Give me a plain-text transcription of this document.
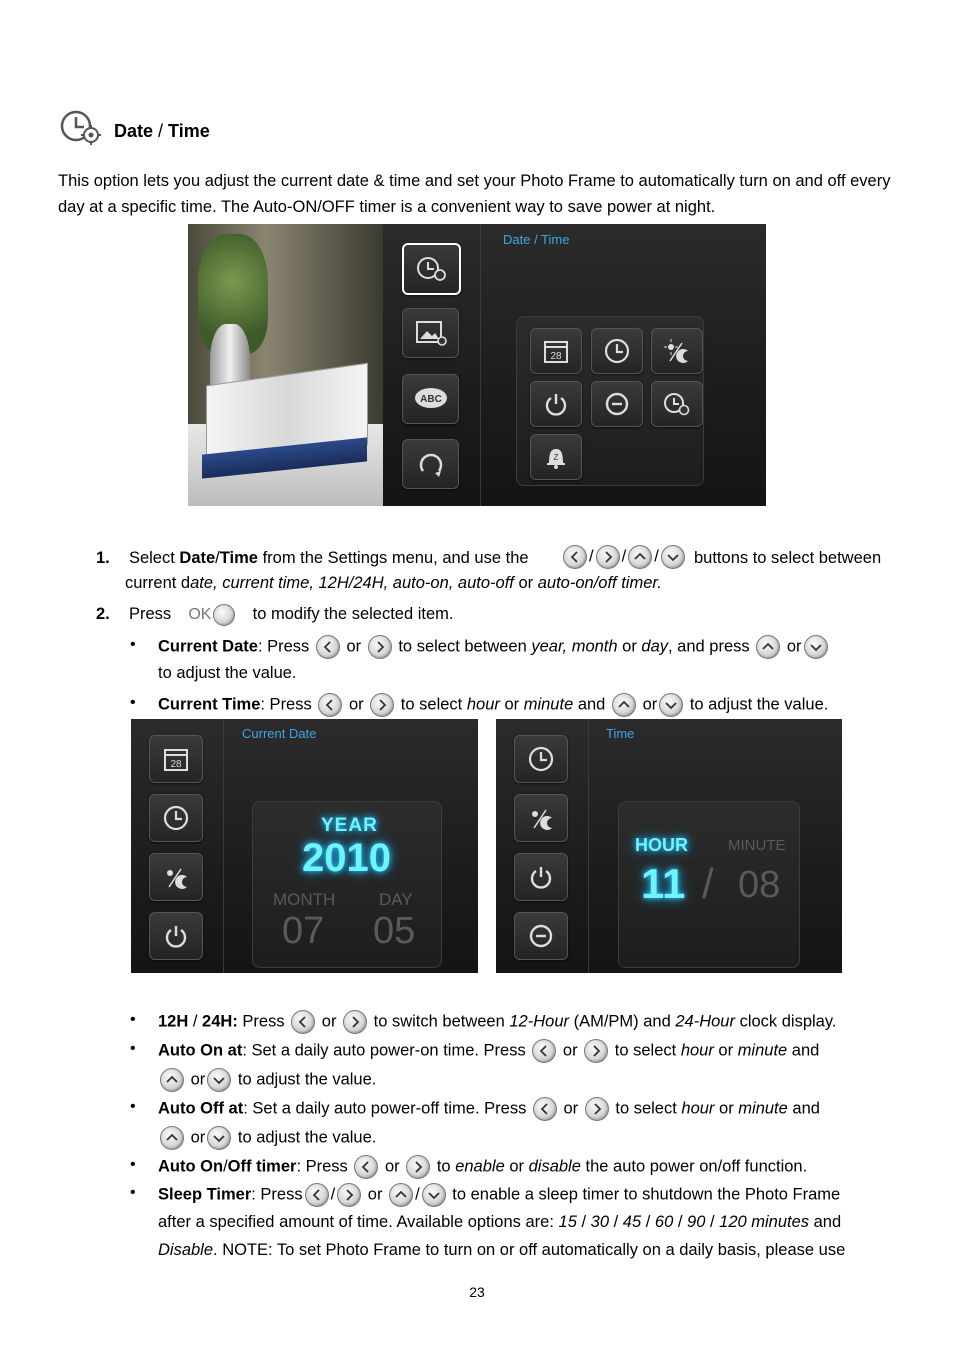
Date / Time
This option lets you adjust the current date & time and set your Photo Frame to automatically turn on and off every day at a specific time. The Auto-ON/OFF timer is a convenient way to save power at night.
ABC
Date / Time
28
Z
1. Select Date/Time from the Settings menu, and use the	/ / /	buttons to select between
current date, current time, 12H/24H, auto-on, auto-off or auto-on/off timer.
2. Press OK to modify the selected item.
• Current Date: Press or to select between year, month or day, and press or
to adjust the value.
• Current Time: Press or to select hour or minute and or to adjust the value.
28
Current Date
YEAR
2010
MONTH	DAY
07 05
Time
HOUR	MINUTE
11 / 08
• 12H / 24H: Press or to switch between 12-Hour (AM/PM) and 24-Hour clock display.
• Auto On at: Set a daily auto power-on time. Press or to select hour or minute and
or to adjust the value.
• Auto Off at: Set a daily auto power-off time. Press or to select hour or minute and
or to adjust the value.
• Auto On/Off timer: Press or to enable or disable the auto power on/off function.
• Sleep Timer: Press / or / to enable a sleep timer to shutdown the Photo Frame
after a specified amount of time. Available options are: 15 / 30 / 45 / 60 / 90 / 120 minutes and
Disable. NOTE: To set Photo Frame to turn on or off automatically on a daily basis, please use
23
